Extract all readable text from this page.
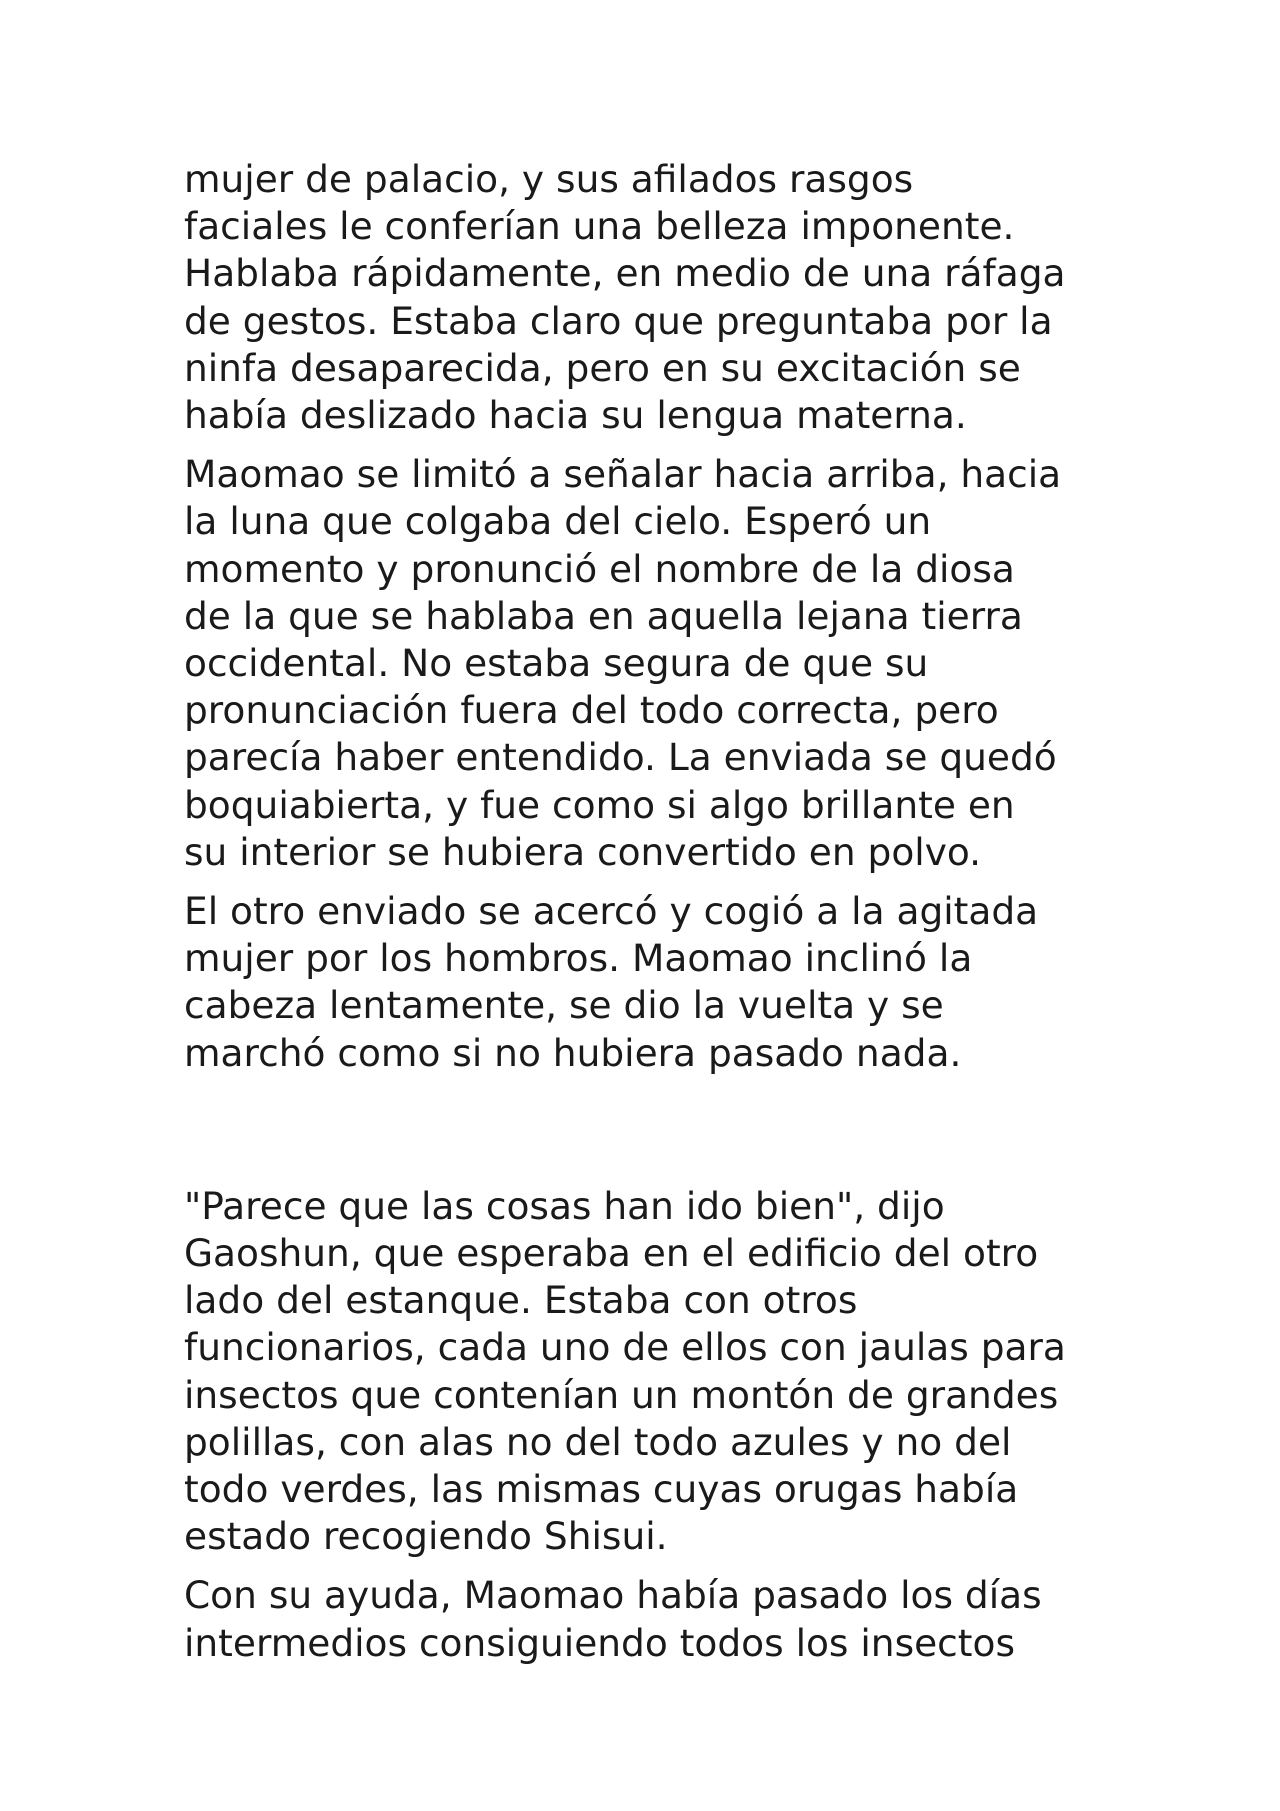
mujer de palacio, y sus afilados rasgos
faciales le conferían una belleza imponente.
Hablaba rápidamente, en medio de una ráfaga
de gestos. Estaba claro que preguntaba por la
ninfa desaparecida, pero en su excitación se
había deslizado hacia su lengua materna.

Maomao se limitó a señalar hacia arriba, hacia
la luna que colgaba del cielo. Esperó un
momento y pronunció el nombre de la diosa
de la que se hablaba en aquella lejana tierra
occidental. No estaba segura de que su
pronunciación fuera del todo correcta, pero
parecía haber entendido. La enviada se quedó
boquiabierta, y fue como si algo brillante en
su interior se hubiera convertido en polvo.

El otro enviado se acercó y cogió a la agitada
mujer por los hombros. Maomao inclinó la
cabeza lentamente, se dio la vuelta y se
marchó como si no hubiera pasado nada.

"Parece que las cosas han ido bien", dijo
Gaoshun, que esperaba en el edificio del otro
lado del estanque. Estaba con otros
funcionarios, cada uno de ellos con jaulas para
insectos que contenían un montón de grandes
polillas, con alas no del todo azules y no del
todo verdes, las mismas cuyas orugas había
estado recogiendo Shisui.

Con su ayuda, Maomao había pasado los días
intermedios consiguiendo todos los insectos
